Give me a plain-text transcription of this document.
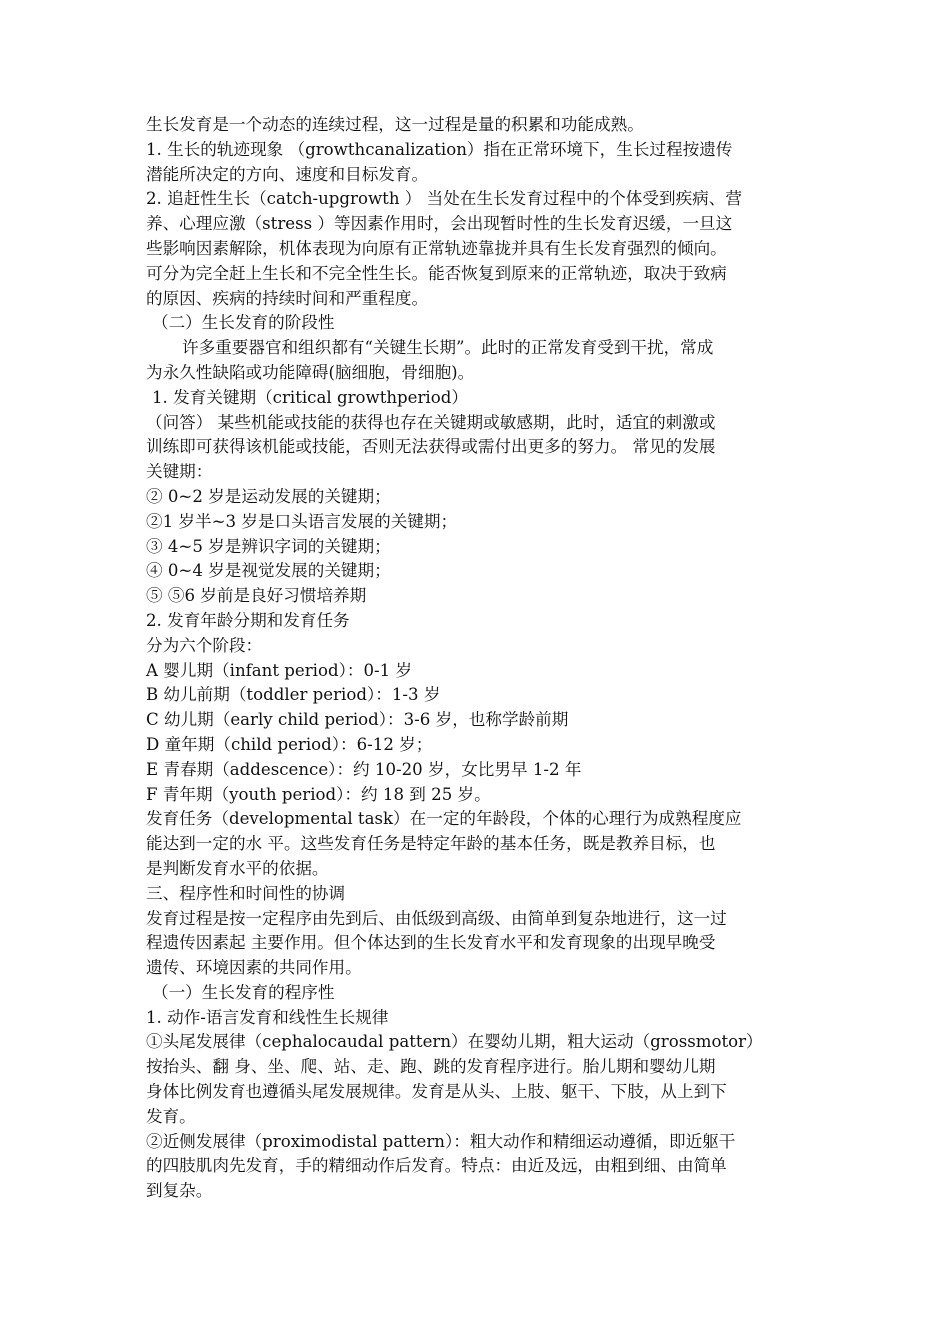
生长发育是一个动态的连续过程，这一过程是量的积累和功能成熟。
1. 生长的轨迹现象 （growthcanalization）指在正常环境下，生长过程按遗传
潜能所决定的方向、速度和目标发育。
2. 追赶性生长（catch-upgrowth ） 当处在生长发育过程中的个体受到疾病、营
养、心理应激（stress ）等因素作用时，会出现暂时性的生长发育迟缓，一旦这
些影响因素解除，机体表现为向原有正常轨迹靠拢并具有生长发育强烈的倾向。
可分为完全赶上生长和不完全性生长。能否恢复到原来的正常轨迹，取决于致病
的原因、疾病的持续时间和严重程度。
（二）生长发育的阶段性
许多重要器官和组织都有“关键生长期”。此时的正常发育受到干扰，常成
为永久性缺陷或功能障碍(脑细胞，骨细胞)。
1. 发育关键期（critical growthperiod）
（问答） 某些机能或技能的获得也存在关键期或敏感期，此时，适宜的刺激或
训练即可获得该机能或技能，否则无法获得或需付出更多的努力。 常见的发展
关键期：
② 0~2 岁是运动发展的关键期；
②1 岁半~3 岁是口头语言发展的关键期；
③ 4~5 岁是辨识字词的关键期；
④ 0~4 岁是视觉发展的关键期；
⑤ ⑤6 岁前是良好习惯培养期
2. 发育年龄分期和发育任务
分为六个阶段：
A 婴儿期（infant period）：0-1 岁
B 幼儿前期（toddler period）：1-3 岁
C 幼儿期（early child period）：3-6 岁，也称学龄前期
D 童年期（child period）：6-12 岁；
E 青春期（addescence）：约 10-20 岁，女比男早 1-2 年
F 青年期（youth period）：约 18 到 25 岁。
发育任务（developmental task）在一定的年龄段，个体的心理行为成熟程度应
能达到一定的水 平。这些发育任务是特定年龄的基本任务，既是教养目标，也
是判断发育水平的依据。
三、程序性和时间性的协调
发育过程是按一定程序由先到后、由低级到高级、由简单到复杂地进行，这一过
程遗传因素起 主要作用。但个体达到的生长发育水平和发育现象的出现早晚受
遗传、环境因素的共同作用。
（一）生长发育的程序性
1. 动作-语言发育和线性生长规律
①头尾发展律（cephalocaudal pattern）在婴幼儿期，粗大运动（grossmotor）
按抬头、翻 身、坐、爬、站、走、跑、跳的发育程序进行。胎儿期和婴幼儿期
身体比例发育也遵循头尾发展规律。发育是从头、上肢、躯干、下肢，从上到下
发育。
②近侧发展律（proximodistal pattern）：粗大动作和精细运动遵循，即近躯干
的四肢肌肉先发育，手的精细动作后发育。特点：由近及远，由粗到细、由简单
到复杂。
